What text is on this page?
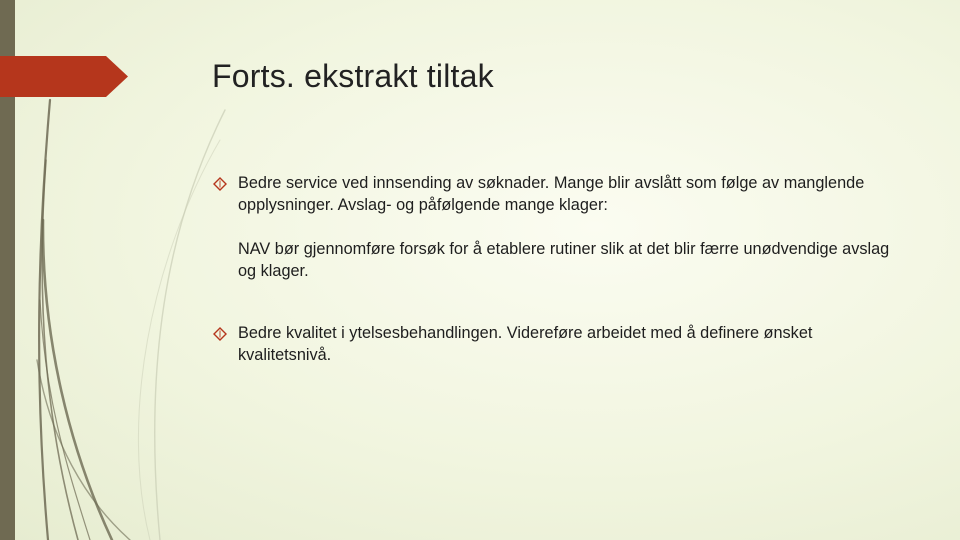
Forts. ekstrakt tiltak
Bedre service ved innsending av søknader. Mange blir avslått som følge av manglende opplysninger. Avslag- og påfølgende mange klager:
NAV bør gjennomføre forsøk for å etablere rutiner slik at det blir færre unødvendige avslag og klager.
Bedre kvalitet i ytelsesbehandlingen. Videreføre arbeidet med å definere ønsket kvalitetsnivå.
